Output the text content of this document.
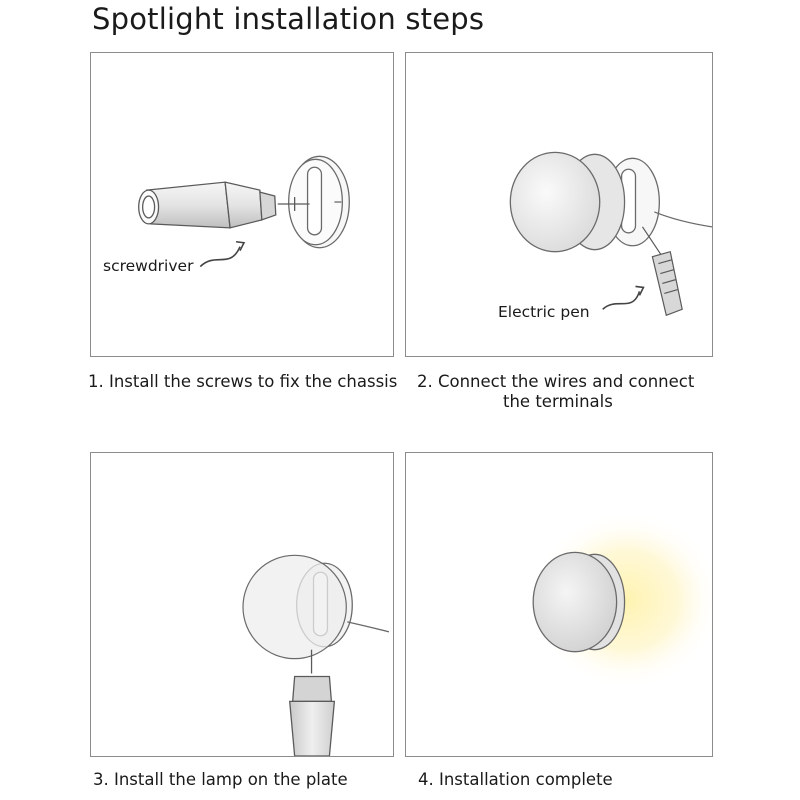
Spotlight installation steps
screwdriver
Electric pen
1. Install the screws to fix the chassis 2. Connect the wires and connect
the terminals
3. Install the lamp on the plate	4. Installation complete
